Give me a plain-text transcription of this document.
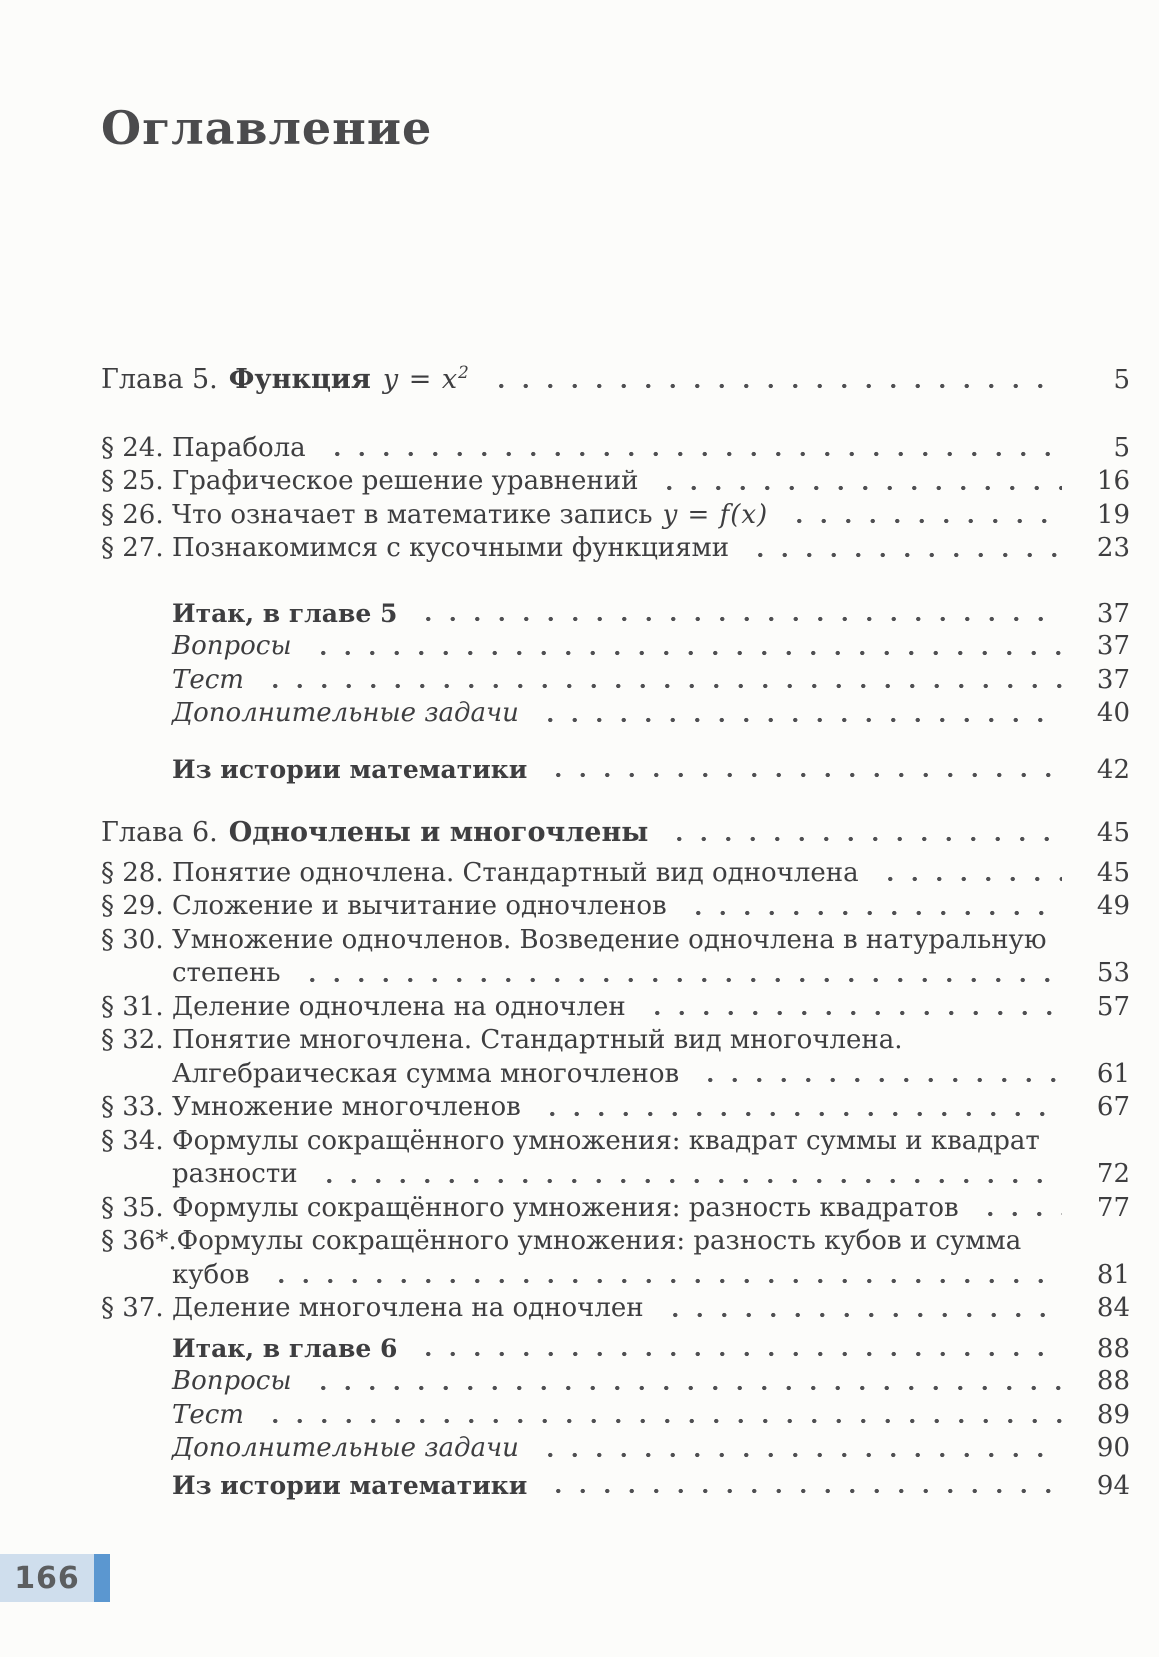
Оглавление
Глава 5. Функция $y = x^2$	5
§ 24. Парабола	5
§ 25. Графическое решение уравнений	16
§ 26. Что означает в математике запись y = f(x)	19
§ 27. Познакомимся с кусочными функциями	23
Итак, в главе 5	37
Вопросы	37
Тест	37
Дополнительные задачи	40
Из истории математики	42
Глава 6. Одночлены и многочлены	45
§ 28. Понятие одночлена. Стандартный вид одночлена	45
§ 29. Сложение и вычитание одночленов	49
§ 30. Умножение одночленов. Возведение одночлена в натуральную
степень	53
§ 31. Деление одночлена на одночлен	57
§ 32. Понятие многочлена. Стандартный вид многочлена.
Алгебраическая сумма многочленов	61
§ 33. Умножение многочленов	67
§ 34. Формулы сокращённого умножения: квадрат суммы и квадрат
разности	72
§ 35. Формулы сокращённого умножения: разность квадратов	77
§ 36*. Формулы сокращённого умножения: разность кубов и сумма
кубов	81
§ 37. Деление многочлена на одночлен	84
Итак, в главе 6	88
Вопросы	88
Тест	89
Дополнительные задачи	90
Из истории математики	94
166
